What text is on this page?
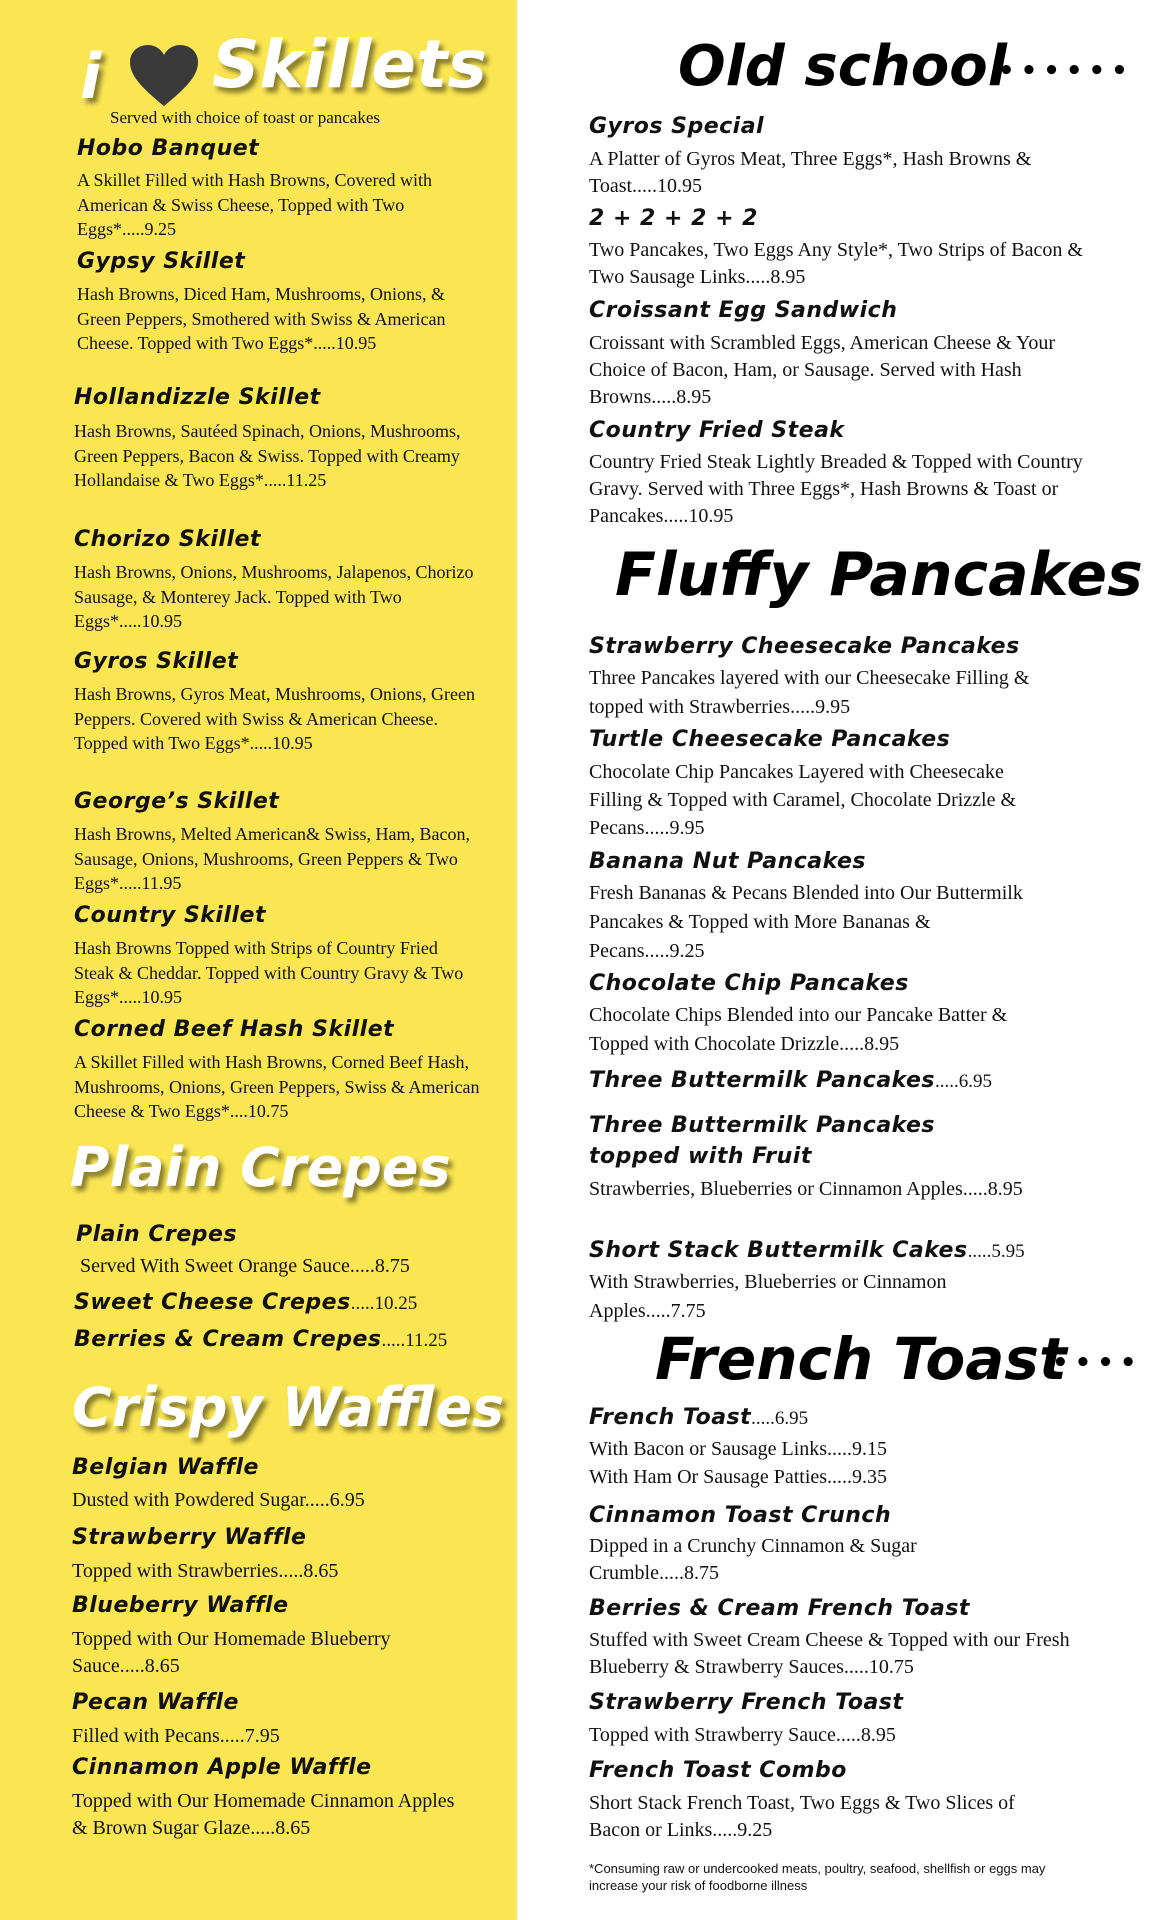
i Skillets
Served with choice of toast or pancakes
Hobo Banquet
A Skillet Filled with Hash Browns, Covered with American & Swiss Cheese, Topped with Two Eggs*.....9.25
Gypsy Skillet
Hash Browns, Diced Ham, Mushrooms, Onions, & Green Peppers, Smothered with Swiss & American Cheese. Topped with Two Eggs*.....10.95
Hollandizzle Skillet
Hash Browns, Sautéed Spinach, Onions, Mushrooms, Green Peppers, Bacon & Swiss. Topped with Creamy Hollandaise & Two Eggs*.....11.25
Chorizo Skillet
Hash Browns, Onions, Mushrooms, Jalapenos, Chorizo Sausage, & Monterey Jack. Topped with Two Eggs*.....10.95
Gyros Skillet
Hash Browns, Gyros Meat, Mushrooms, Onions, Green Peppers. Covered with Swiss & American Cheese. Topped with Two Eggs*.....10.95
George’s Skillet
Hash Browns, Melted American& Swiss, Ham, Bacon, Sausage, Onions, Mushrooms, Green Peppers & Two Eggs*.....11.95
Country Skillet
Hash Browns Topped with Strips of Country Fried Steak & Cheddar. Topped with Country Gravy & Two Eggs*.....10.95
Corned Beef Hash Skillet
A Skillet Filled with Hash Browns, Corned Beef Hash, Mushrooms, Onions, Green Peppers, Swiss & American Cheese & Two Eggs*....10.75
Plain Crepes
Plain Crepes
Served With Sweet Orange Sauce.....8.75
Sweet Cheese Crepes.....10.25
Berries & Cream Crepes.....11.25
Crispy Waffles
Belgian Waffle
Dusted with Powdered Sugar.....6.95
Strawberry Waffle
Topped with Strawberries.....8.65
Blueberry Waffle
Topped with Our Homemade Blueberry Sauce.....8.65
Pecan Waffle
Filled with Pecans.....7.95
Cinnamon Apple Waffle
Topped with Our Homemade Cinnamon Apples & Brown Sugar Glaze.....8.65
Old school
••••••
Gyros Special
A Platter of Gyros Meat, Three Eggs*, Hash Browns & Toast.....10.95
2 + 2 + 2 + 2
Two Pancakes, Two Eggs Any Style*, Two Strips of Bacon & Two Sausage Links.....8.95
Croissant Egg Sandwich
Croissant with Scrambled Eggs, American Cheese & Your Choice of Bacon, Ham, or Sausage. Served with Hash Browns.....8.95
Country Fried Steak
Country Fried Steak Lightly Breaded & Topped with Country Gravy. Served with Three Eggs*, Hash Browns & Toast or Pancakes.....10.95
Fluffy Pancakes
Strawberry Cheesecake Pancakes
Three Pancakes layered with our Cheesecake Filling & topped with Strawberries.....9.95
Turtle Cheesecake Pancakes
Chocolate Chip Pancakes Layered with Cheesecake Filling & Topped with Caramel, Chocolate Drizzle & Pecans.....9.95
Banana Nut Pancakes
Fresh Bananas & Pecans Blended into Our Buttermilk Pancakes & Topped with More Bananas & Pecans.....9.25
Chocolate Chip Pancakes
Chocolate Chips Blended into our Pancake Batter & Topped with Chocolate Drizzle.....8.95
Three Buttermilk Pancakes.....6.95
Three Buttermilk Pancakes topped with Fruit
Strawberries, Blueberries or Cinnamon Apples.....8.95
Short Stack Buttermilk Cakes.....5.95
With Strawberries, Blueberries or Cinnamon Apples.....7.75
French Toast
••••
French Toast.....6.95
With Bacon or Sausage Links.....9.15
With Ham Or Sausage Patties.....9.35
Cinnamon Toast Crunch
Dipped in a Crunchy Cinnamon & Sugar Crumble.....8.75
Berries & Cream French Toast
Stuffed with Sweet Cream Cheese & Topped with our Fresh Blueberry & Strawberry Sauces.....10.75
Strawberry French Toast
Topped with Strawberry Sauce.....8.95
French Toast Combo
Short Stack French Toast, Two Eggs & Two Slices of Bacon or Links.....9.25
*Consuming raw or undercooked meats, poultry, seafood, shellfish or eggs may increase your risk of foodborne illness
